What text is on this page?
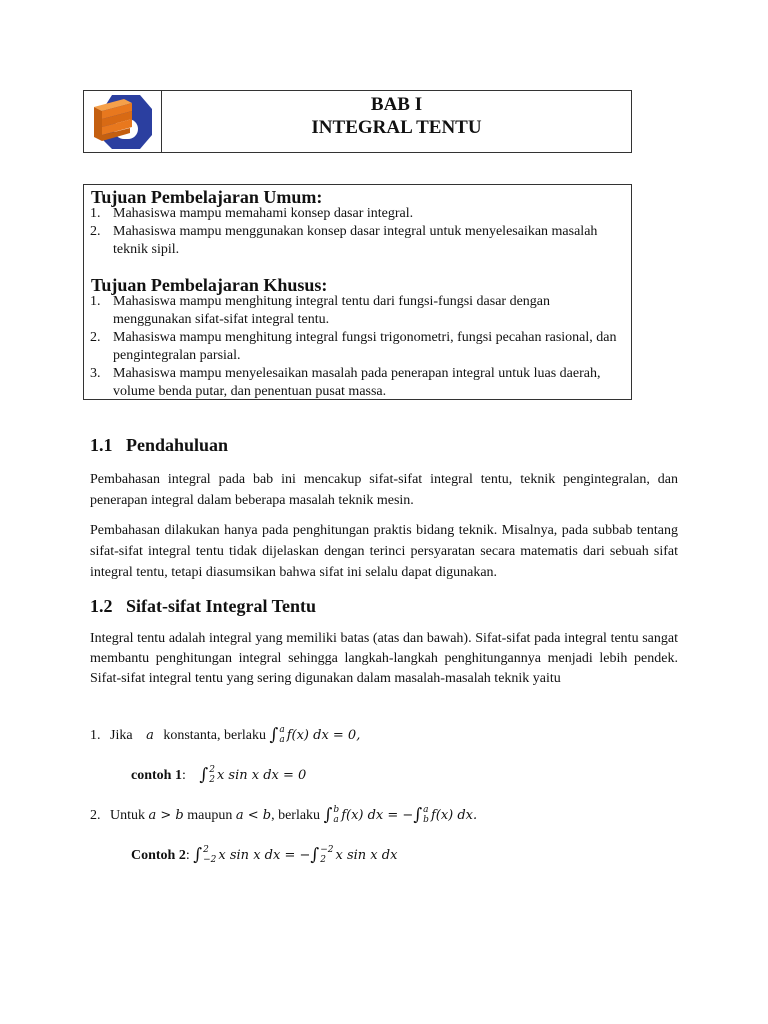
BAB I
INTEGRAL TENTU
Tujuan Pembelajaran Umum:
1. Mahasiswa mampu memahami konsep dasar integral.
2. Mahasiswa mampu menggunakan konsep dasar integral untuk menyelesaikan masalah teknik sipil.
Tujuan Pembelajaran Khusus:
1. Mahasiswa mampu menghitung integral tentu dari fungsi-fungsi dasar dengan menggunakan sifat-sifat integral tentu.
2. Mahasiswa mampu menghitung integral fungsi trigonometri, fungsi pecahan rasional, dan pengintegralan parsial.
3. Mahasiswa mampu menyelesaikan masalah pada penerapan integral untuk luas daerah, volume benda putar, dan penentuan pusat massa.
1.1 Pendahuluan

Pembahasan integral pada bab ini mencakup sifat-sifat integral tentu, teknik pengintegralan, dan penerapan integral dalam beberapa masalah teknik mesin.

Pembahasan dilakukan hanya pada penghitungan praktis bidang teknik. Misalnya, pada subbab tentang sifat-sifat integral tentu tidak dijelaskan dengan terinci persyaratan secara matematis dari sebuah sifat integral tentu, tetapi diasumsikan bahwa sifat ini selalu dapat digunakan.

1.2 Sifat-sifat Integral Tentu

Integral tentu adalah integral yang memiliki batas (atas dan bawah). Sifat-sifat pada integral tentu sangat membantu penghitungan integral sehingga langkah-langkah penghitungannya menjadi lebih pendek. Sifat-sifat integral tentu yang sering digunakan dalam masalah-masalah teknik yaitu

1. Jika a konstanta, berlaku ∫ a
a f(x) dx = 0,
contoh 1: ∫ 2
2 x sin x dx = 0
2. Untuk a > b maupun a < b, berlaku ∫ b
a f(x) dx = −∫ a
b f(x) dx.
Contoh 2: ∫ 2
−2 x sin x dx = −∫ −2
2 x sin x dx
